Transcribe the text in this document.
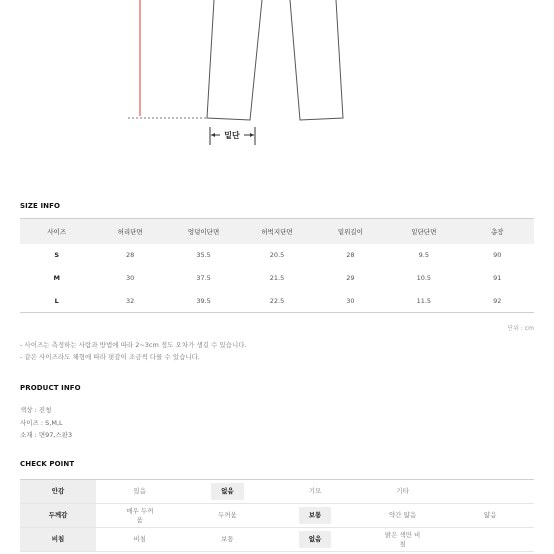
밑단
SIZE INFO
사이즈	허리단면	엉덩이단면	허벅지단면	밑위길이	밑단단면	총장
S	28	35.5	20.5	28	9.5	90
M	30	37.5	21.5	29	10.5	91
L	32	39.5	22.5	30	11.5	92
단위 : cm
- 사이즈는 측정하는 사람과 방법에 따라 2~3cm 정도 오차가 생길 수 있습니다.
- 같은 사이즈라도 체형에 따라 핏감이 조금씩 다를 수 있습니다.
PRODUCT INFO
색상 : 진청
사이즈 : S,M,L
소재 : 면97,스판3
CHECK POINT
안감	있음	없음	기모	기타	
두께감	매우 두꺼움	두꺼움	보통	약간 얇음	얇음
비침	비침	보통	없음	밝은 색만 비침	
